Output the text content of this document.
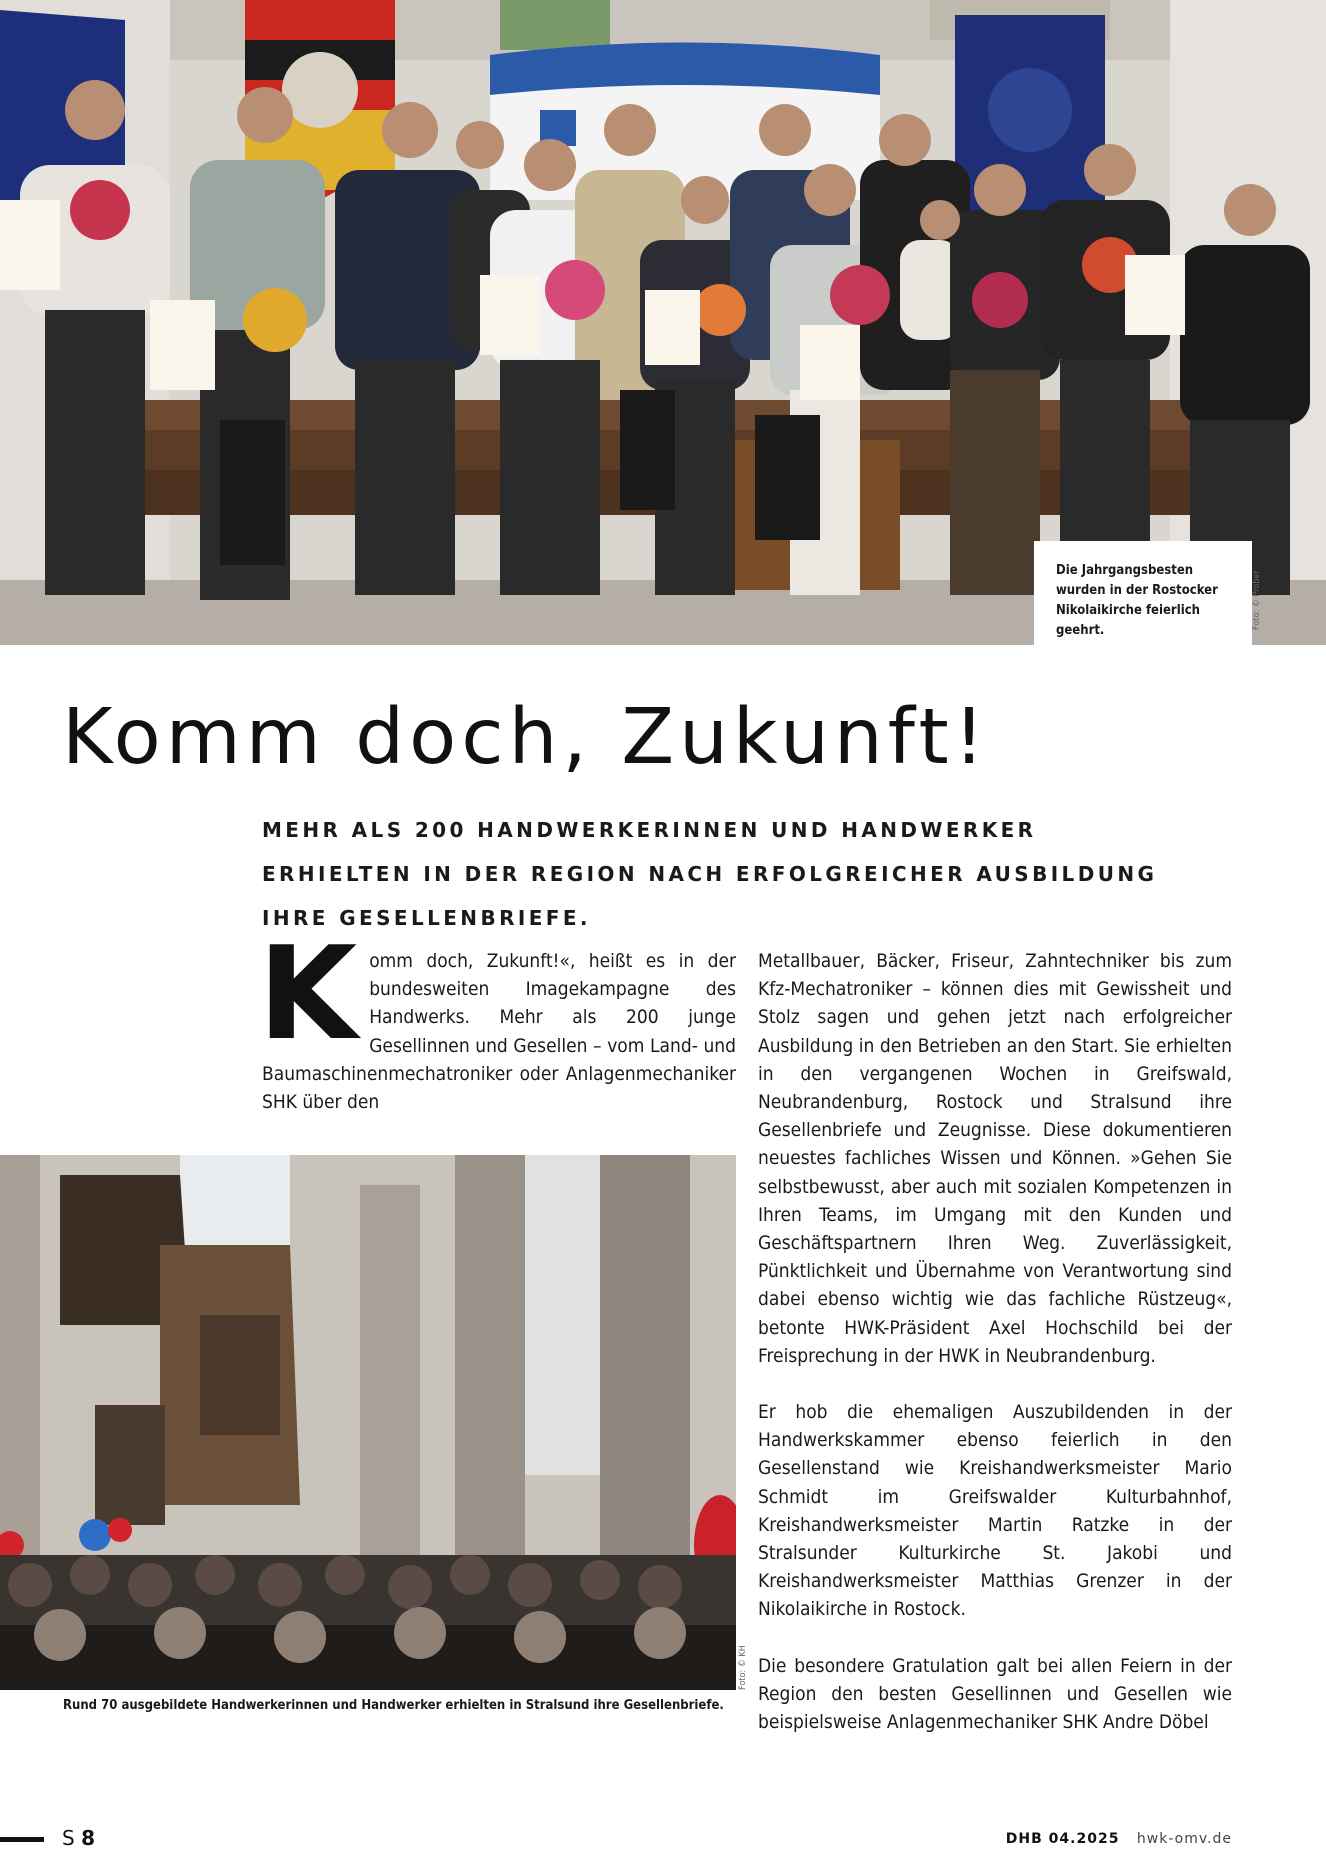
Die Jahrgangsbesten wurden in der Rostocker Nikolaikirche feierlich geehrt.
Foto: © Prober
Komm doch, Zukunft!
MEHR ALS 200 HANDWERKERINNEN UND HANDWERKER ERHIELTEN IN DER REGION NACH ERFOLGREICHER AUSBILDUNG IHRE GESELLENBRIEFE.

Komm doch, Zukunft!«, heißt es in der bundesweiten Imagekampagne des Handwerks. Mehr als 200 junge Gesellinnen und Gesellen – vom Land- und Baumaschinenmechatroniker oder Anlagenmechaniker SHK über den

Foto: © KH
Rund 70 ausgebildete Handwerkerinnen und Handwerker erhielten in Stralsund ihre Gesellenbriefe.

Metallbauer, Bäcker, Friseur, Zahntechniker bis zum Kfz-Mechatroniker – können dies mit Gewissheit und Stolz sagen und gehen jetzt nach erfolgreicher Ausbildung in den Betrieben an den Start. Sie erhielten in den vergangenen Wochen in Greifswald, Neubrandenburg, Rostock und Stralsund ihre Gesellenbriefe und Zeugnisse. Diese dokumentieren neuestes fachliches Wissen und Können. »Gehen Sie selbstbewusst, aber auch mit sozialen Kompetenzen in Ihren Teams, im Umgang mit den Kunden und Geschäftspartnern Ihren Weg. Zuverlässigkeit, Pünktlichkeit und Übernahme von Verantwortung sind dabei ebenso wichtig wie das fachliche Rüstzeug«, betonte HWK-Präsident Axel Hochschild bei der Freisprechung in der HWK in Neubrandenburg.

Er hob die ehemaligen Auszubildenden in der Handwerkskammer ebenso feierlich in den Gesellenstand wie Kreishandwerksmeister Mario Schmidt im Greifswalder Kulturbahnhof, Kreishandwerksmeister Martin Ratzke in der Stralsunder Kulturkirche St. Jakobi und Kreishandwerksmeister Matthias Grenzer in der Nikolaikirche in Rostock.

Die besondere Gratulation galt bei allen Feiern in der Region den besten Gesellinnen und Gesellen wie beispielsweise Anlagenmechaniker SHK Andre Döbel

S 8	DHB 04.2025 hwk-omv.de
